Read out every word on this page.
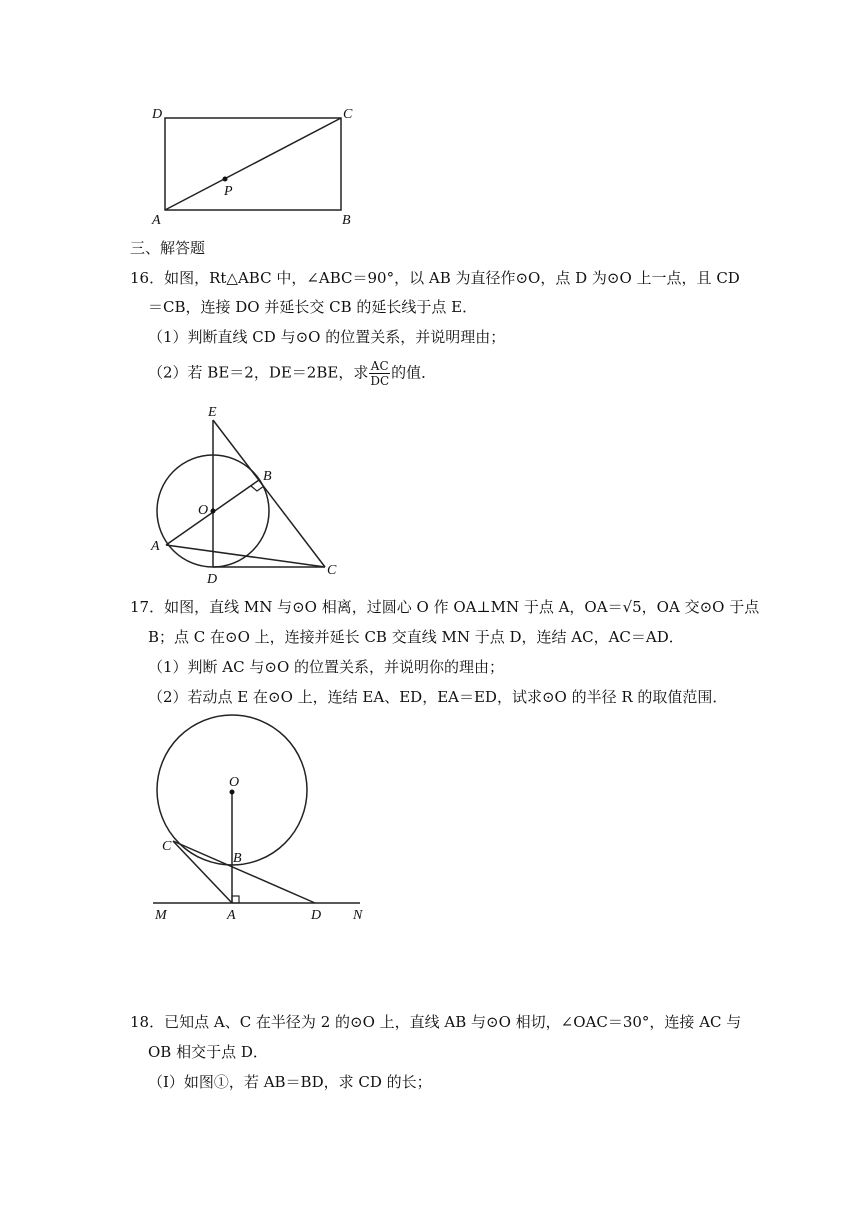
D	C
P
A	B
三、解答题
16．如图，Rt△ABC 中，∠ABC＝90°，以 AB 为直径作⊙O，点 D 为⊙O 上一点，且 CD
＝CB，连接 DO 并延长交 CB 的延长线于点 E．
（1）判断直线 CD 与⊙O 的位置关系，并说明理由；
（2）若 BE＝2，DE＝2BE，求 $\frac{AC}{DC}$ 的值．
E
B
O
A
D
C
17．如图，直线 MN 与⊙O 相离，过圆心 O 作 OA⊥MN 于点 A，OA＝√5，OA 交⊙O 于点
B；点 C 在⊙O 上，连接并延长 CB 交直线 MN 于点 D，连结 AC，AC＝AD．
（1）判断 AC 与⊙O 的位置关系，并说明你的理由；
（2）若动点 E 在⊙O 上，连结 EA、ED，EA＝ED，试求⊙O 的半径 R 的取值范围．
O
C
B
M	A	D N
18．已知点 A、C 在半径为 2 的⊙O 上，直线 AB 与⊙O 相切，∠OAC＝30°，连接 AC 与
OB 相交于点 D．
（Ⅰ）如图①，若 AB＝BD，求 CD 的长；
